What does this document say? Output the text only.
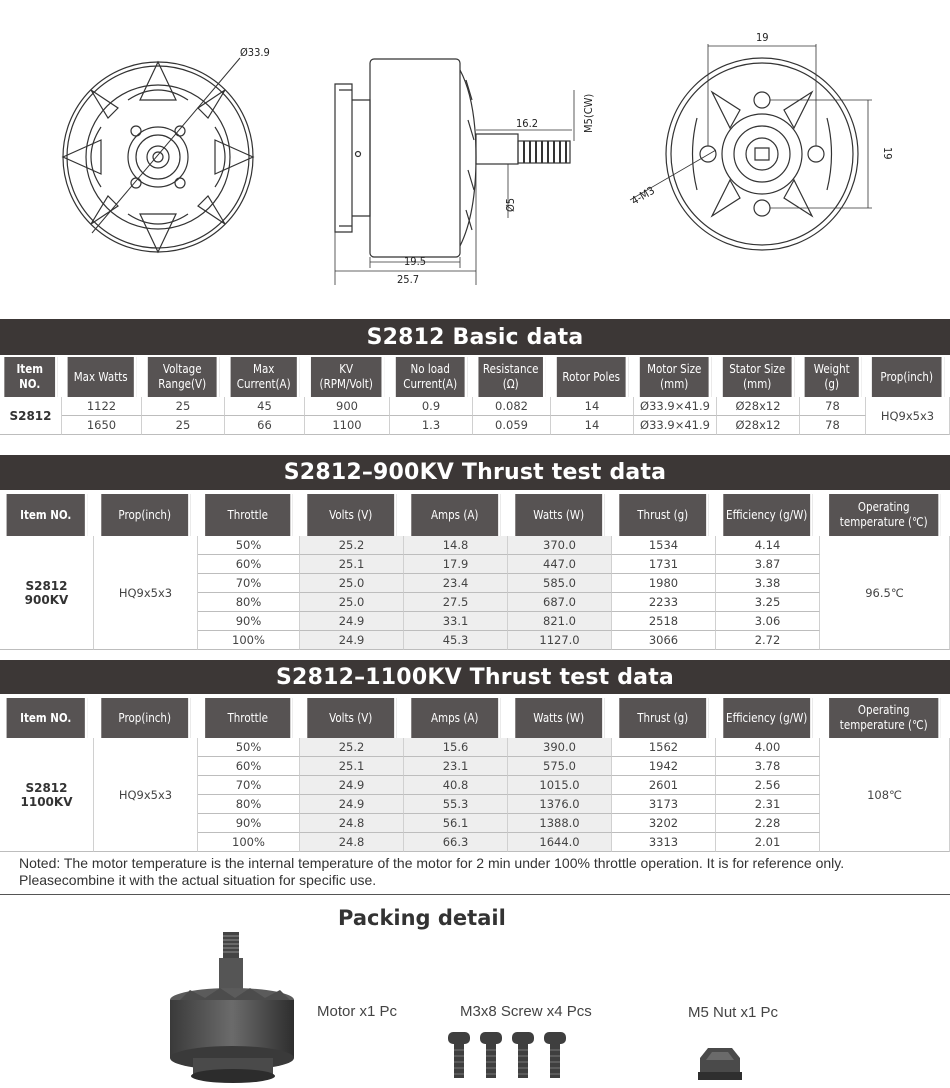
Ø33.9
16.2	M5(CW)
Ø5
19.5
25.7
19
19
4-M3
S2812 Basic data
Item NO.	Max Watts	Voltage Range(V)	Max Current(A)	KV (RPM/Volt)	No load Current(A)	Resistance (Ω)	Rotor Poles	Motor Size (mm)	Stator Size (mm)	Weight (g)	Prop(inch)
S2812	1122	25	45	900	0.9	0.082	14	Ø33.9×41.9	Ø28x12	78	HQ9x5x3
	1650	25	66	1100	1.3	0.059	14	Ø33.9×41.9	Ø28x12	78	
S2812–900KV Thrust test data
Item NO.	Prop(inch)	Throttle	Volts (V)	Amps (A)	Watts (W)	Thrust (g)	Efficiency (g/W)	Operating temperature (℃)
S2812
900KV	HQ9x5x3	50%	25.2	14.8	370.0	1534	4.14	96.5℃
		60%	25.1	17.9	447.0	1731	3.87	
		70%	25.0	23.4	585.0	1980	3.38	
		80%	25.0	27.5	687.0	2233	3.25	
		90%	24.9	33.1	821.0	2518	3.06	
		100%	24.9	45.3	1127.0	3066	2.72	
S2812–1100KV Thrust test data
Item NO.	Prop(inch)	Throttle	Volts (V)	Amps (A)	Watts (W)	Thrust (g)	Efficiency (g/W)	Operating temperature (℃)
S2812
1100KV	HQ9x5x3	50%	25.2	15.6	390.0	1562	4.00	108℃
		60%	25.1	23.1	575.0	1942	3.78	
		70%	24.9	40.8	1015.0	2601	2.56	
		80%	24.9	55.3	1376.0	3173	2.31	
		90%	24.8	56.1	1388.0	3202	2.28	
		100%	24.8	66.3	1644.0	3313	2.01	
Noted: The motor temperature is the internal temperature of the motor for 2 min under 100% throttle operation. It is for reference only. Pleasecombine it with the actual situation for specific use.
Packing detail
Motor x1 Pc	M3x8 Screw x4 Pcs	M5 Nut x1 Pc
